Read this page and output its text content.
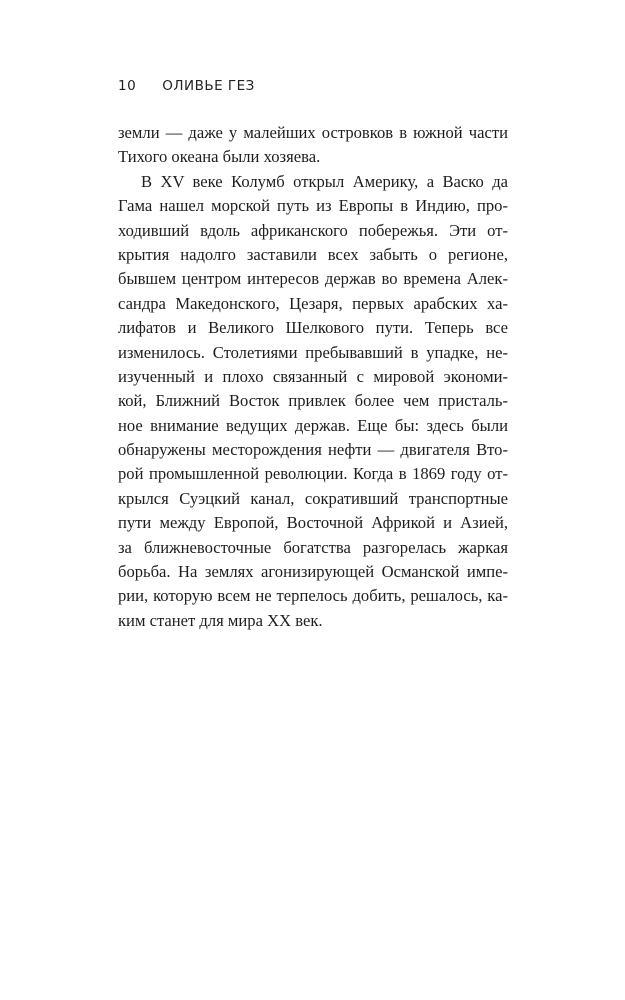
10 ОЛИВЬЕ ГЕЗ
земли — даже у малейших островков в южной части
Тихого океана были хозяева.
В XV веке Колумб открыл Америку, а Васко да
Гама нашел морской путь из Европы в Индию, про-
ходивший вдоль африканского побережья. Эти от-
крытия надолго заставили всех забыть о регионе,
бывшем центром интересов держав во времена Алек-
сандра Македонского, Цезаря, первых арабских ха-
лифатов и Великого Шелкового пути. Теперь все
изменилось. Столетиями пребывавший в упадке, не-
изученный и плохо связанный с мировой экономи-
кой, Ближний Восток привлек более чем присталь-
ное внимание ведущих держав. Еще бы: здесь были
обнаружены месторождения нефти — двигателя Вто-
рой промышленной революции. Когда в 1869 году от-
крылся Суэцкий канал, сокративший транспортные
пути между Европой, Восточной Африкой и Азией,
за ближневосточные богатства разгорелась жаркая
борьба. На землях агонизирующей Османской импе-
рии, которую всем не терпелось добить, решалось, ка-
ким станет для мира XX век.
